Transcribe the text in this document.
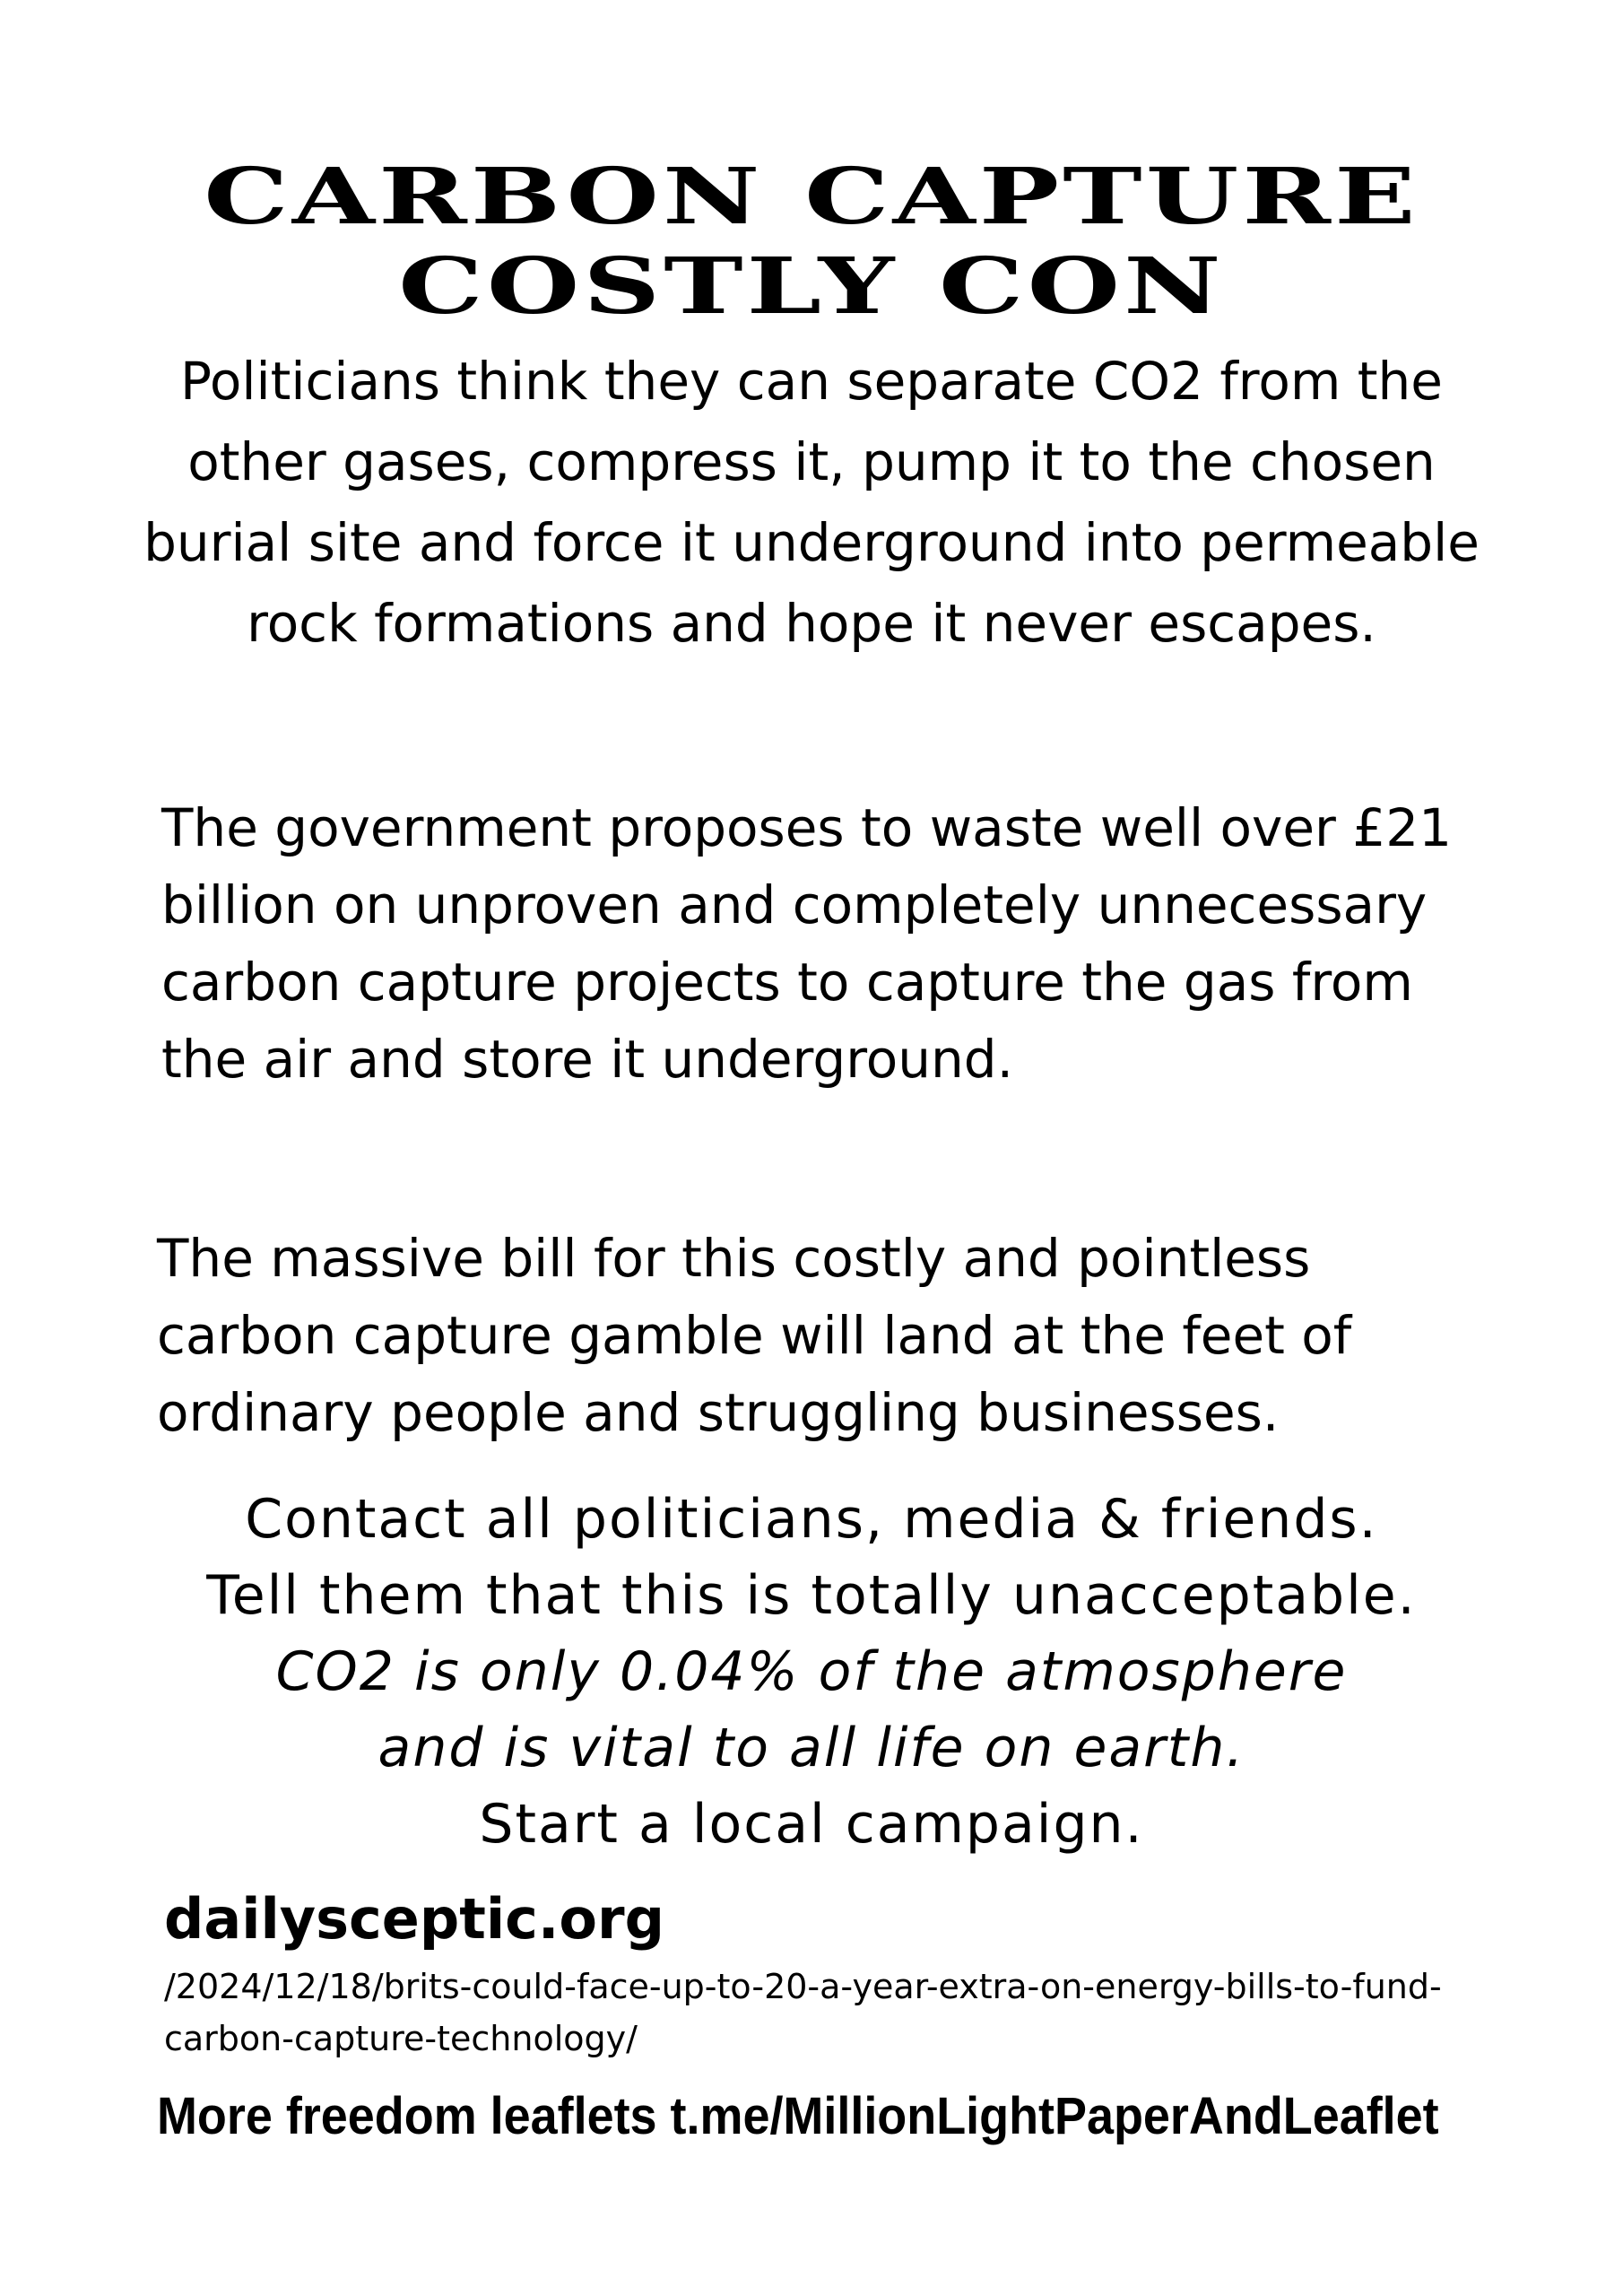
CARBON CAPTURE
COSTLY CON
Politicians think they can separate CO2 from the other gases, compress it, pump it to the chosen burial site and force it underground into permeable rock formations and hope it never escapes.
The government proposes to waste well over £21 billion on unproven and completely unnecessary carbon capture projects to capture the gas from the air and store it underground.
The massive bill for this costly and pointless carbon capture gamble will land at the feet of ordinary people and struggling businesses.
Contact all politicians, media & friends.
Tell them that this is totally unacceptable.
CO2 is only 0.04% of the atmosphere
and is vital to all life on earth.
Start a local campaign.
dailysceptic.org
/2024/12/18/brits-could-face-up-to-20-a-year-extra-on-energy-bills-to-fund-carbon-capture-technology/
More freedom leaflets t.me/MillionLightPaperAndLeaflet
